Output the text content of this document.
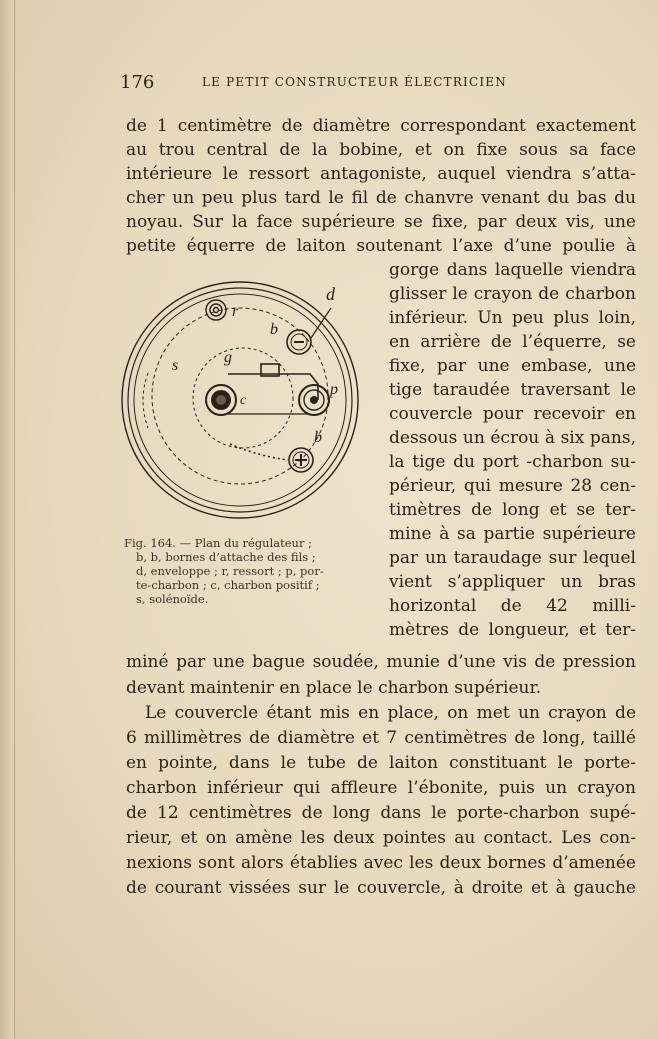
176	LE PETIT CONSTRUCTEUR ÉLECTRICIEN
de 1 centimètre de diamètre correspondant exactement
au trou central de la bobine, et on fixe sous sa face
intérieure le ressort antagoniste, auquel viendra s’atta-
cher un peu plus tard le fil de chanvre venant du bas du
noyau. Sur la face supérieure se fixe, par deux vis, une
petite équerre de laiton soutenant l’axe d’une poulie à
gorge dans laquelle viendra
glisser le crayon de charbon
inférieur. Un peu plus loin,
en arrière de l’équerre, se
fixe, par une embase, une
tige taraudée traversant le
couvercle pour recevoir en
dessous un écrou à six pans,
la tige du port -charbon su-
périeur, qui mesure 28 cen-
timètres de long et se ter-
mine à sa partie supérieure
par un taraudage sur lequel
vient s’appliquer un bras
horizontal de 42 milli-
mètres de longueur, et ter-
d
r
b
s	g
c
p
b
Fig. 164. — Plan du régulateur ;
b, b, bornes d’attache des fils ;
d, enveloppe ; r, ressort ; p, por-
te-charbon ; c, charbon positif ;
s, solénoïde.
miné par une bague soudée, munie d’une vis de pression
devant maintenir en place le charbon supérieur.
Le couvercle étant mis en place, on met un crayon de
6 millimètres de diamètre et 7 centimètres de long, taillé
en pointe, dans le tube de laiton constituant le porte-
charbon inférieur qui affleure l’ébonite, puis un crayon
de 12 centimètres de long dans le porte-charbon supé-
rieur, et on amène les deux pointes au contact. Les con-
nexions sont alors établies avec les deux bornes d’amenée
de courant vissées sur le couvercle, à droite et à gauche
